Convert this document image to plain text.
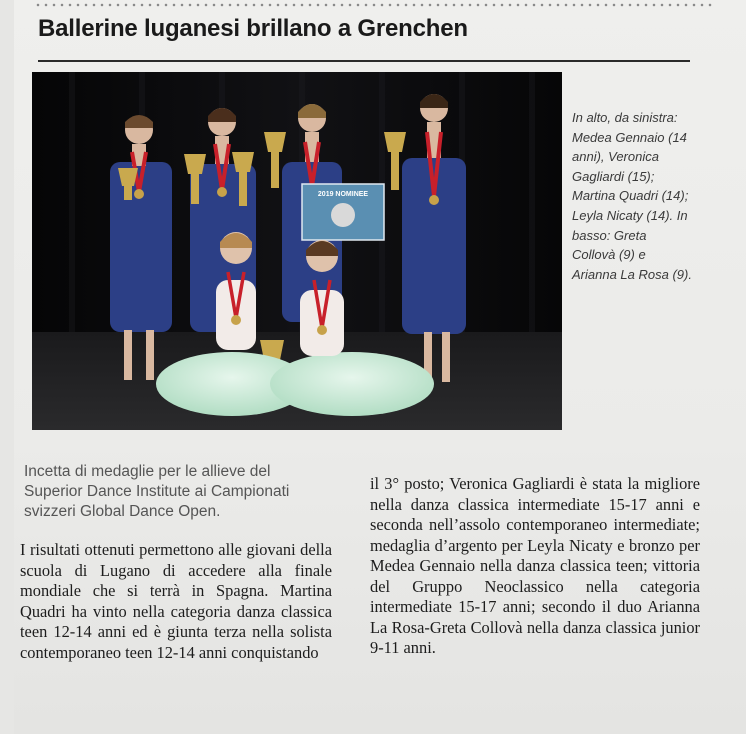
Ballerine luganesi brillano a Grenchen
2019 NOMINEE
In alto, da sinistra: Medea Gennaio (14 anni), Veronica Gagliardi (15); Martina Quadri (14); Leyla Nicaty (14). In basso: Greta Collovà (9) e Arianna La Rosa (9).
Incetta di medaglie per le allieve del Superior Dance Institute ai Campionati svizzeri Global Dance Open.
I risultati ottenuti permettono alle giovani della scuola di Lugano di accedere alla finale mondiale che si terrà in Spagna. Martina Quadri ha vinto nella categoria danza classica teen 12-14 anni ed è giunta terza nella solista contemporaneo teen 12-14 anni conquistando
il 3° posto; Veronica Gagliardi è stata la migliore nella danza classica intermediate 15-17 anni e seconda nell’assolo contemporaneo intermediate; medaglia d’argento per Leyla Nicaty e bronzo per Medea Gennaio nella danza classica teen; vittoria del Gruppo Neoclassico nella categoria intermediate 15-17 anni; secondo il duo Arianna La Rosa-Greta Collovà nella danza classica junior 9-11 anni.
